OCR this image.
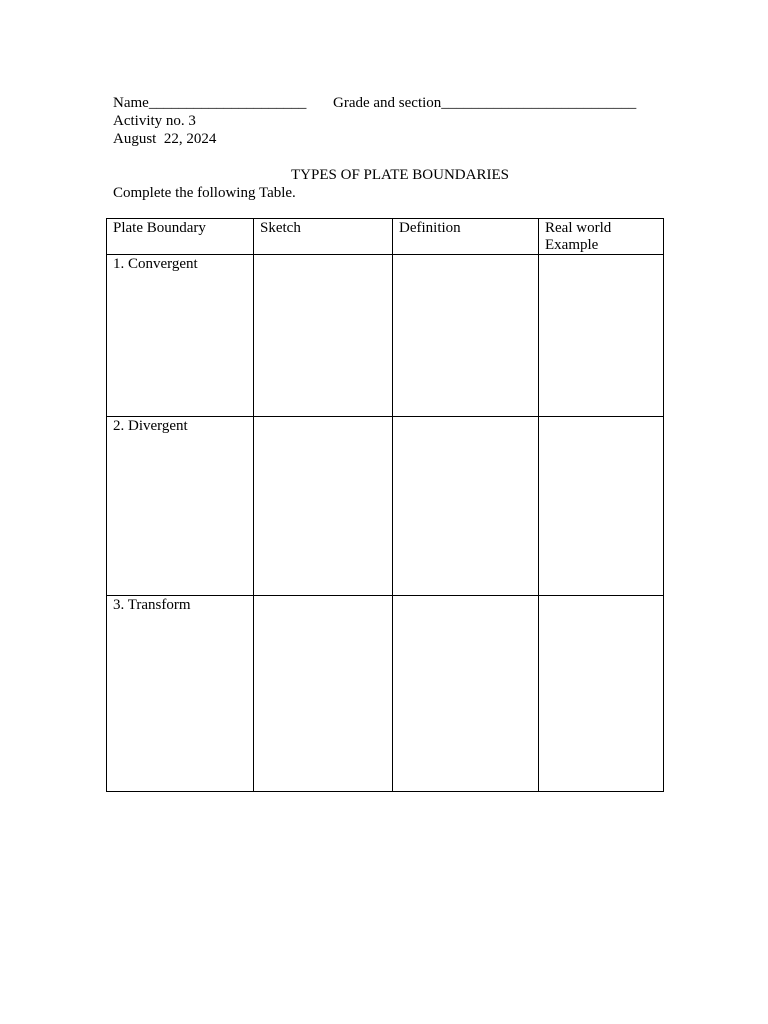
Name_____________________ Grade and section__________________________
Activity no. 3
August  22, 2024
TYPES OF PLATE BOUNDARIES
Complete the following Table.
Plate Boundary	Sketch	Definition	Real world Example
1. Convergent			
2. Divergent			
3. Transform			
